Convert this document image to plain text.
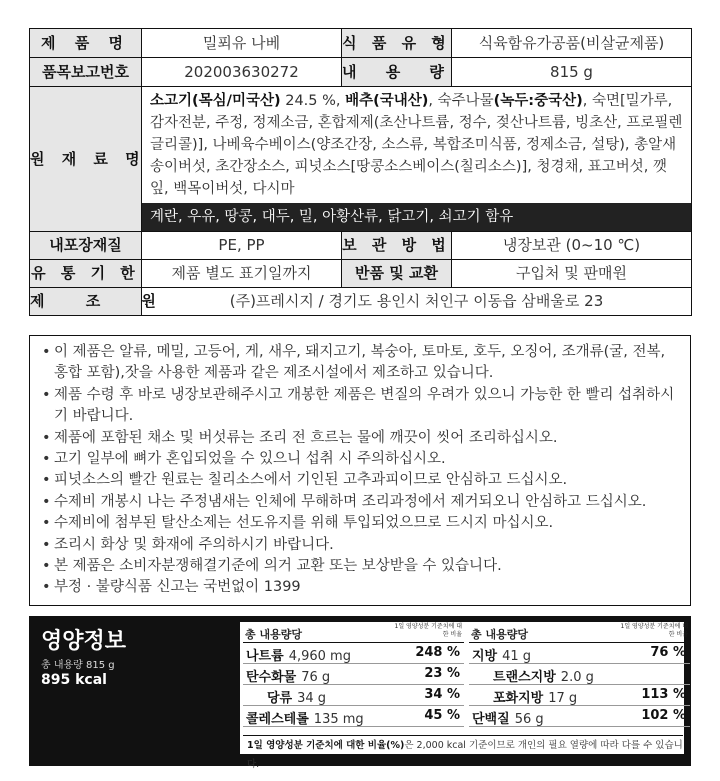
제 품 명	밀푀유 나베	식 품 유 형	식육함유가공품(비살균제품)
품목보고번호	202003630272	내 용 량	815 g
원 재 료 명	소고기(목심/미국산) 24.5 %, 배추(국내산), 숙주나물(녹두:중국산), 숙면[밀가루, 감자전분, 주정, 정제소금, 혼합제제(초산나트륨, 정수, 젖산나트륨, 빙초산, 프로필렌글리콜)], 나베육수베이스(양조간장, 소스류, 복합조미식품, 정제소금, 설탕), 총알새송이버섯, 초간장소스, 피넛소스[땅콩소스베이스(칠리소스)], 청경채, 표고버섯, 깻잎, 백목이버섯, 다시마
계란, 우유, 땅콩, 대두, 밀, 아황산류, 닭고기, 쇠고기 함유		

내포장재질	PE, PP	보 관 방 법	냉장보관 (0~10 ℃)
유 통 기 한	제품 별도 표기일까지	반품 및 교환	구입처 및 판매원
제 조 원	(주)프레시지 / 경기도 용인시 처인구 이동읍 삼배울로 23		
• 이 제품은 알류, 메밀, 고등어, 게, 새우, 돼지고기, 복숭아, 토마토, 호두, 오징어, 조개류(굴, 전복, 홍합 포함),잣을 사용한 제품과 같은 제조시설에서 제조하고 있습니다.
• 제품 수령 후 바로 냉장보관해주시고 개봉한 제품은 변질의 우려가 있으니 가능한 한 빨리 섭취하시기 바랍니다.
• 제품에 포함된 채소 및 버섯류는 조리 전 흐르는 물에 깨끗이 씻어 조리하십시오.
• 고기 일부에 뼈가 혼입되었을 수 있으니 섭취 시 주의하십시오.
• 피넛소스의 빨간 원료는 칠리소스에서 기인된 고추과피이므로 안심하고 드십시오.
• 수제비 개봉시 나는 주정냄새는 인체에 무해하며 조리과정에서 제거되오니 안심하고 드십시오.
• 수제비에 첨부된 탈산소제는 선도유지를 위해 투입되었으므로 드시지 마십시오.
• 조리시 화상 및 화재에 주의하시기 바랍니다.
• 본 제품은 소비자분쟁해결기준에 의거 교환 또는 보상받을 수 있습니다.
• 부정 · 불량식품 신고는 국번없이 1399
영양정보
총 내용량 815 g
895 kcal
총 내용량당
1일 영양성분 기준치에 대한 비율
나트륨 4,960 mg	248 %
탄수화물 76 g	23 %
당류 34 g	34 %
콜레스테롤 135 mg	45 %
총 내용량당
1일 영양성분 기준치에 대한 비율
지방 41 g	76 %
트랜스지방 2.0 g
포화지방 17 g	113 %
단백질 56 g	102 %
1일 영양성분 기준치에 대한 비율(%)은 2,000 kcal 기준이므로 개인의 필요 열량에 따라 다를 수 있습니다.
